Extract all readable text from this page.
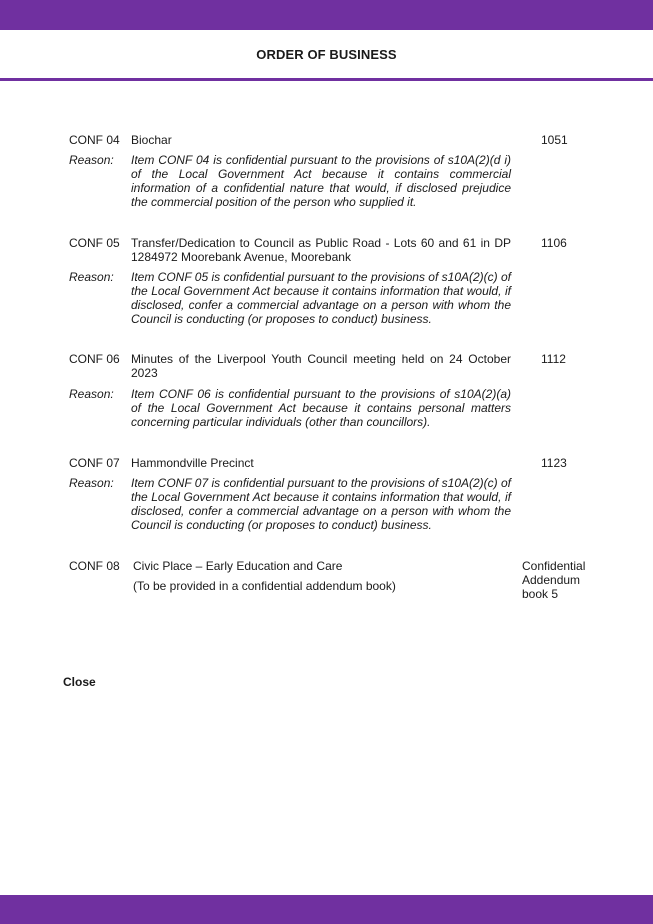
ORDER OF BUSINESS
CONF 04 Biochar	1051
Reason: Item CONF 04 is confidential pursuant to the provisions of s10A(2)(d i) of the Local Government Act because it contains commercial information of a confidential nature that would, if disclosed prejudice the commercial position of the person who supplied it.
CONF 05 Transfer/Dedication to Council as Public Road - Lots 60 and 61 in DP 1284972 Moorebank Avenue, Moorebank
1106
Reason: Item CONF 05 is confidential pursuant to the provisions of s10A(2)(c) of the Local Government Act because it contains information that would, if disclosed, confer a commercial advantage on a person with whom the Council is conducting (or proposes to conduct) business.
CONF 06 Minutes of the Liverpool Youth Council meeting held on 24 October 2023
1112
Reason: Item CONF 06 is confidential pursuant to the provisions of s10A(2)(a) of the Local Government Act because it contains personal matters concerning particular individuals (other than councillors).
CONF 07 Hammondville Precinct	1123
Reason: Item CONF 07 is confidential pursuant to the provisions of s10A(2)(c) of the Local Government Act because it contains information that would, if disclosed, confer a commercial advantage on a person with whom the Council is conducting (or proposes to conduct) business.
CONF 08 Civic Place – Early Education and Care
(To be provided in a confidential addendum book)
Confidential
Addendum
book 5
Close
